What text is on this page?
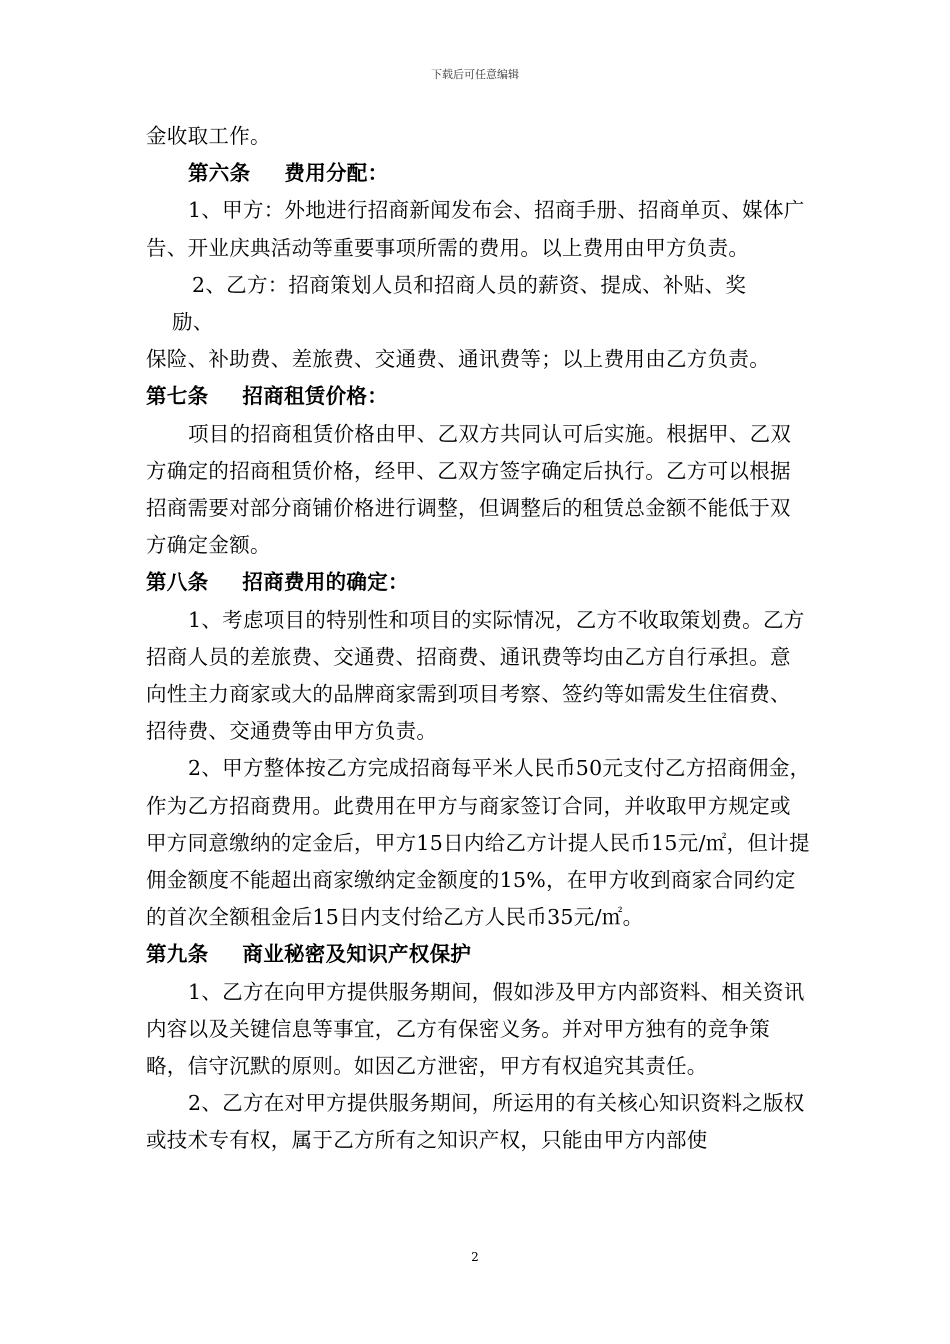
下载后可任意编辑

金收取工作。

第六条 费用分配：

1、甲方：外地进行招商新闻发布会、招商手册、招商单页、媒体广告、开业庆典活动等重要事项所需的费用。以上费用由甲方负责。

2、乙方：招商策划人员和招商人员的薪资、提成、补贴、奖

励、

保险、补助费、差旅费、交通费、通讯费等；以上费用由乙方负责。

第七条 招商租赁价格：

项目的招商租赁价格由甲、乙双方共同认可后实施。根据甲、乙双方确定的招商租赁价格，经甲、乙双方签字确定后执行。乙方可以根据招商需要对部分商铺价格进行调整，但调整后的租赁总金额不能低于双方确定金额。

第八条 招商费用的确定：

1、考虑项目的特别性和项目的实际情况，乙方不收取策划费。乙方招商人员的差旅费、交通费、招商费、通讯费等均由乙方自行承担。意向性主力商家或大的品牌商家需到项目考察、签约等如需发生住宿费、招待费、交通费等由甲方负责。

2、甲方整体按乙方完成招商每平米人民币50元支付乙方招商佣金，作为乙方招商费用。此费用在甲方与商家签订合同，并收取甲方规定或甲方同意缴纳的定金后，甲方15日内给乙方计提人民币15元/㎡，但计提佣金额度不能超出商家缴纳定金额度的15%，在甲方收到商家合同约定的首次全额租金后15日内支付给乙方人民币35元/㎡。

第九条 商业秘密及知识产权保护

1、乙方在向甲方提供服务期间，假如涉及甲方内部资料、相关资讯内容以及关键信息等事宜，乙方有保密义务。并对甲方独有的竞争策略，信守沉默的原则。如因乙方泄密，甲方有权追究其责任。

2、乙方在对甲方提供服务期间，所运用的有关核心知识资料之版权或技术专有权，属于乙方所有之知识产权，只能由甲方内部使

2
